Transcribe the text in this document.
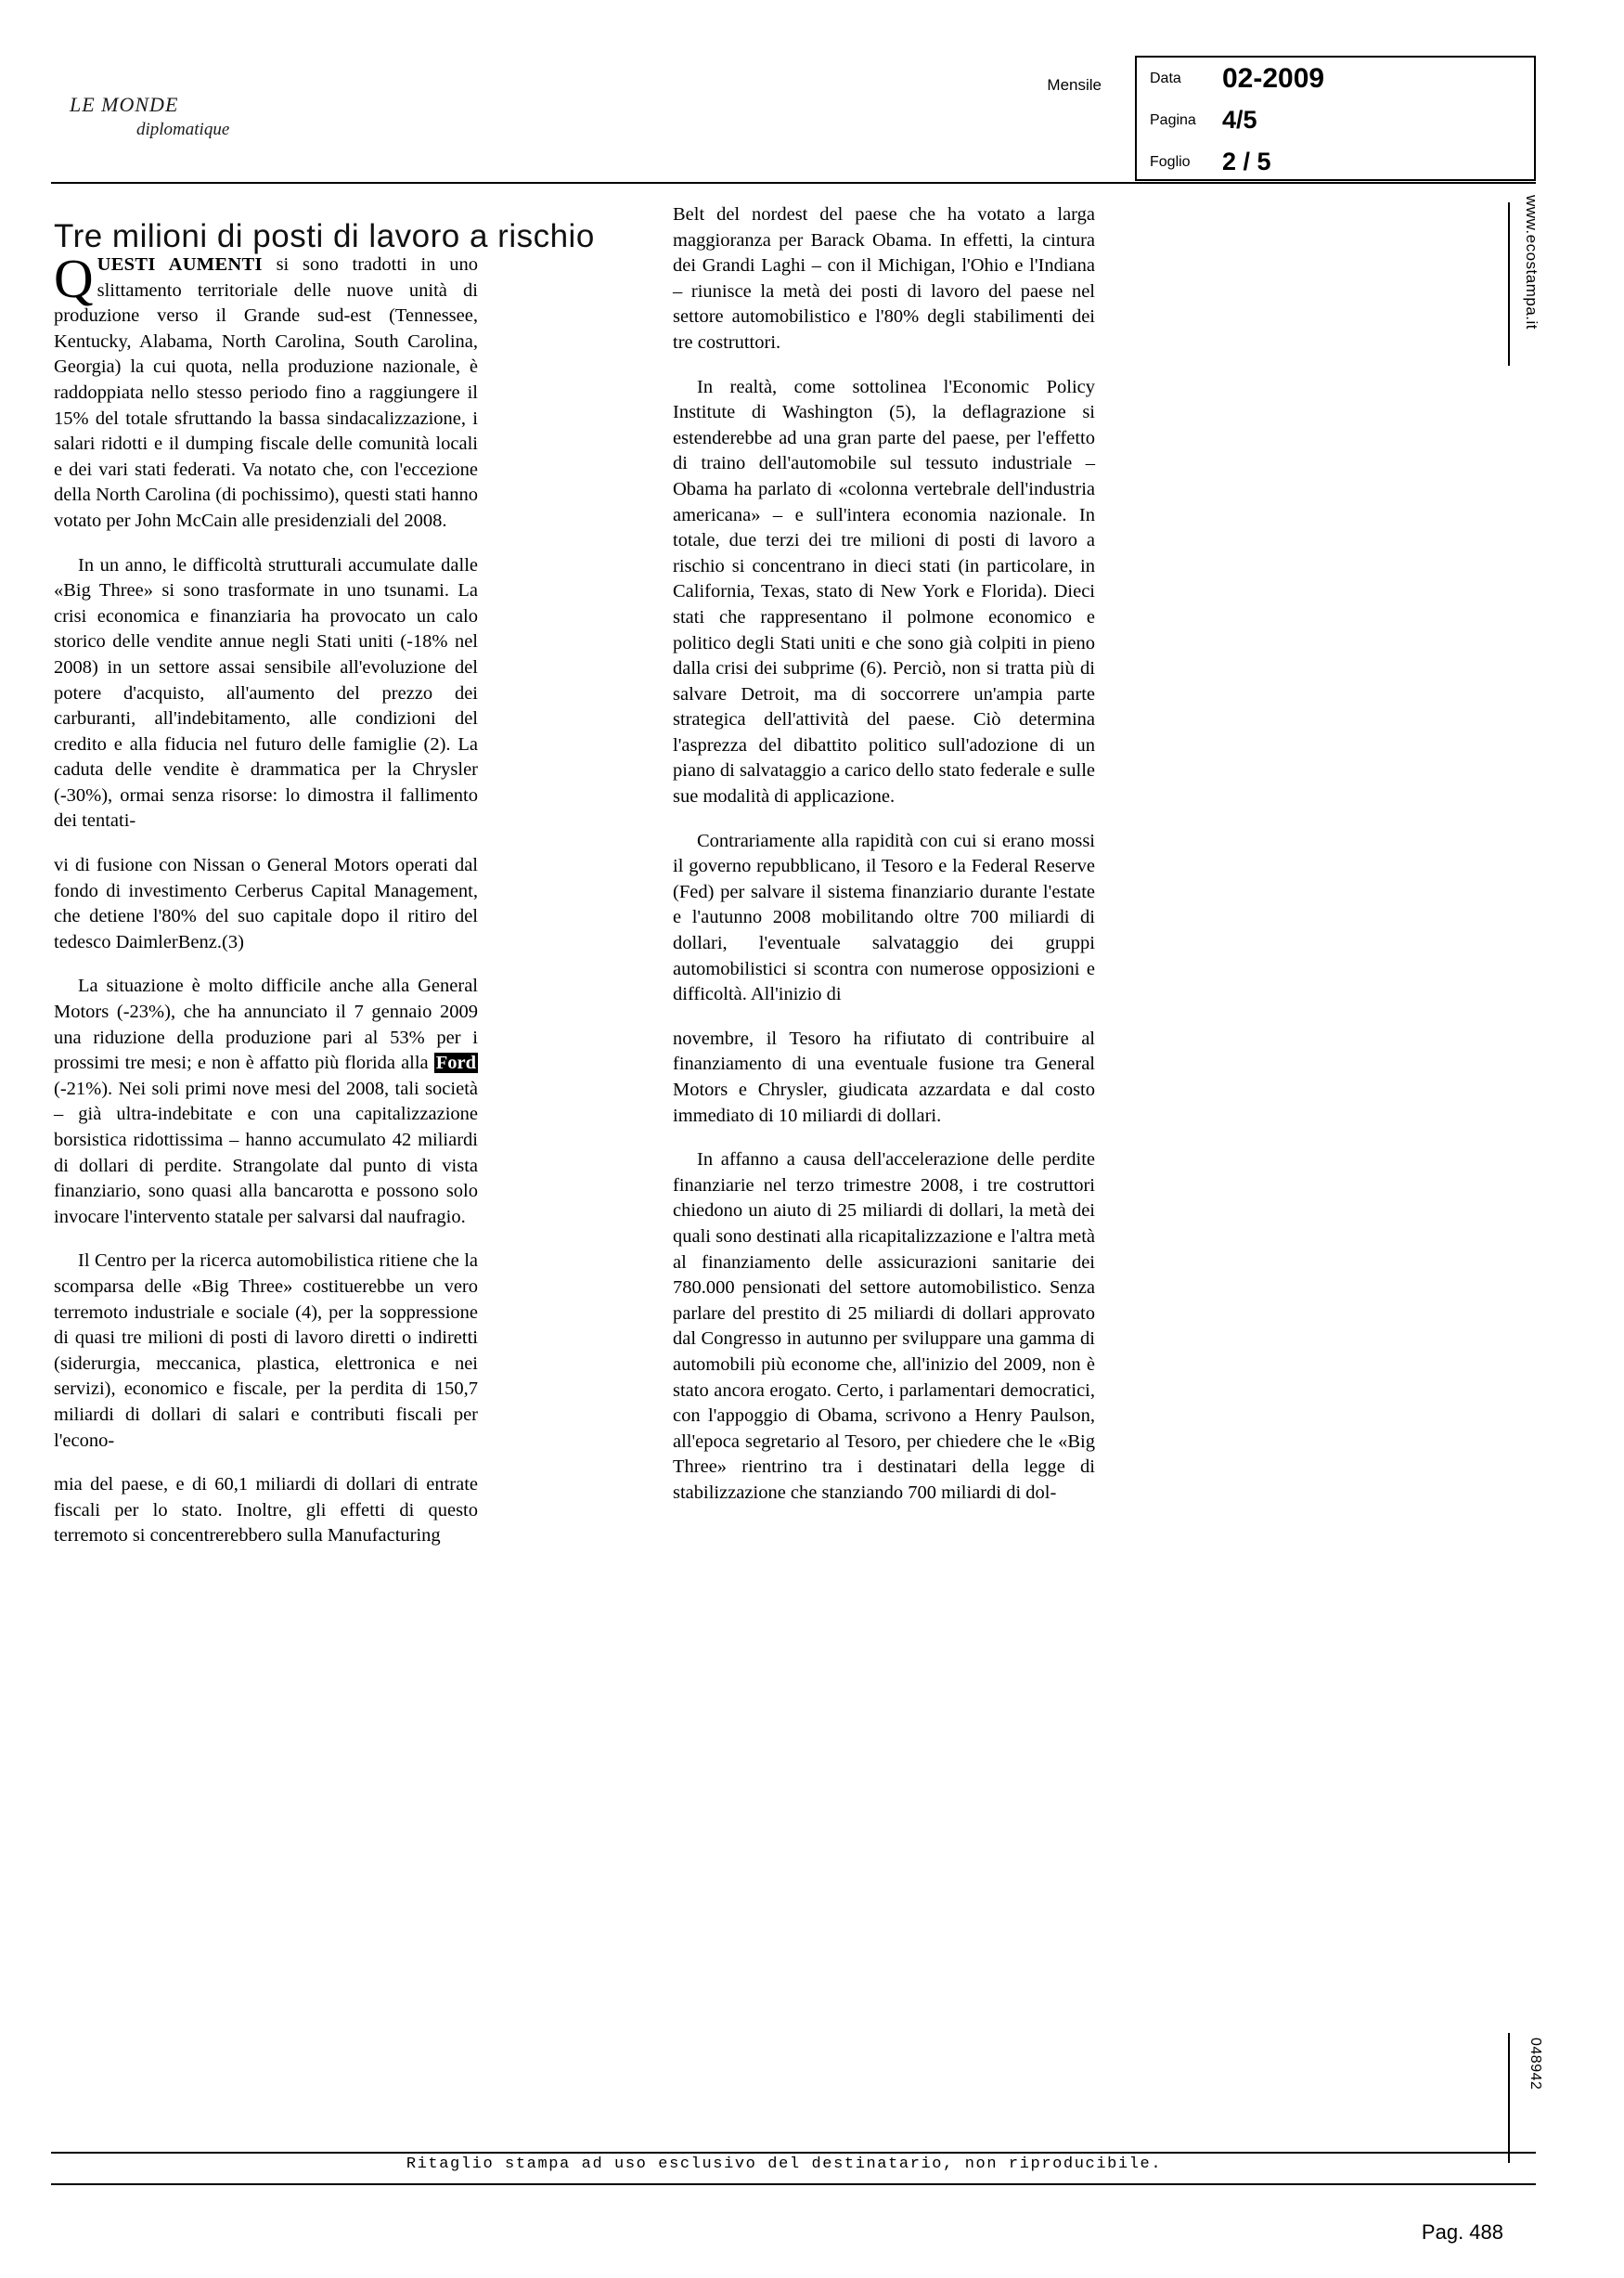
LE MONDE
diplomatique
Mensile	Data	02-2009
Pagina	4/5
Foglio	2 / 5
www.ecostampa.it
048942
Tre milioni di posti di lavoro a rischio

QUESTI AUMENTI si sono tradotti in uno slittamento territoriale delle nuove unità di produzione verso il Grande sud-est (Tennessee, Kentucky, Alabama, North Carolina, South Carolina, Georgia) la cui quota, nella produzione nazionale, è raddoppiata nello stesso periodo fino a raggiungere il 15% del totale sfruttando la bassa sindacalizzazione, i salari ridotti e il dumping fiscale delle comunità locali e dei vari stati federati. Va notato che, con l'eccezione della North Carolina (di pochissimo), questi stati hanno votato per John McCain alle presidenziali del 2008.

In un anno, le difficoltà strutturali accumulate dalle «Big Three» si sono trasformate in uno tsunami. La crisi economica e finanziaria ha provocato un calo storico delle vendite annue negli Stati uniti (-18% nel 2008) in un settore assai sensibile all'evoluzione del potere d'acquisto, all'aumento del prezzo dei carburanti, all'indebitamento, alle condizioni del credito e alla fiducia nel futuro delle famiglie (2). La caduta delle vendite è drammatica per la Chrysler (-30%), ormai senza risorse: lo dimostra il fallimento dei tentati-

vi di fusione con Nissan o General Motors operati dal fondo di investimento Cerberus Capital Management, che detiene l'80% del suo capitale dopo il ritiro del tedesco DaimlerBenz.(3)

La situazione è molto difficile anche alla General Motors (-23%), che ha annunciato il 7 gennaio 2009 una riduzione della produzione pari al 53% per i prossimi tre mesi; e non è affatto più florida alla Ford (-21%). Nei soli primi nove mesi del 2008, tali società – già ultra-indebitate e con una capitalizzazione borsistica ridottissima – hanno accumulato 42 miliardi di dollari di perdite. Strangolate dal punto di vista finanziario, sono quasi alla bancarotta e possono solo invocare l'intervento statale per salvarsi dal naufragio.

Il Centro per la ricerca automobilistica ritiene che la scomparsa delle «Big Three» costituerebbe un vero terremoto industriale e sociale (4), per la soppressione di quasi tre milioni di posti di lavoro diretti o indiretti (siderurgia, meccanica, plastica, elettronica e nei servizi), economico e fiscale, per la perdita di 150,7 miliardi di dollari di salari e contributi fiscali per l'econo-

mia del paese, e di 60,1 miliardi di dollari di entrate fiscali per lo stato. Inoltre, gli effetti di questo terremoto si concentrerebbero sulla Manufacturing

Belt del nordest del paese che ha votato a larga maggioranza per Barack Obama. In effetti, la cintura dei Grandi Laghi – con il Michigan, l'Ohio e l'Indiana – riunisce la metà dei posti di lavoro del paese nel settore automobilistico e l'80% degli stabilimenti dei tre costruttori.

In realtà, come sottolinea l'Economic Policy Institute di Washington (5), la deflagrazione si estenderebbe ad una gran parte del paese, per l'effetto di traino dell'automobile sul tessuto industriale – Obama ha parlato di «colonna vertebrale dell'industria americana» – e sull'intera economia nazionale. In totale, due terzi dei tre milioni di posti di lavoro a rischio si concentrano in dieci stati (in particolare, in California, Texas, stato di New York e Florida). Dieci stati che rappresentano il polmone economico e politico degli Stati uniti e che sono già colpiti in pieno dalla crisi dei subprime (6). Perciò, non si tratta più di salvare Detroit, ma di soccorrere un'ampia parte strategica dell'attività del paese. Ciò determina l'asprezza del dibattito politico sull'adozione di un piano di salvataggio a carico dello stato federale e sulle sue modalità di applicazione.

Contrariamente alla rapidità con cui si erano mossi il governo repubblicano, il Tesoro e la Federal Reserve (Fed) per salvare il sistema finanziario durante l'estate e l'autunno 2008 mobilitando oltre 700 miliardi di dollari, l'eventuale salvataggio dei gruppi automobilistici si scontra con numerose opposizioni e difficoltà. All'inizio di

novembre, il Tesoro ha rifiutato di contribuire al finanziamento di una eventuale fusione tra General Motors e Chrysler, giudicata azzardata e dal costo immediato di 10 miliardi di dollari.

In affanno a causa dell'accelerazione delle perdite finanziarie nel terzo trimestre 2008, i tre costruttori chiedono un aiuto di 25 miliardi di dollari, la metà dei quali sono destinati alla ricapitalizzazione e l'altra metà al finanziamento delle assicurazioni sanitarie dei 780.000 pensionati del settore automobilistico. Senza parlare del prestito di 25 miliardi di dollari approvato dal Congresso in autunno per sviluppare una gamma di automobili più econome che, all'inizio del 2009, non è stato ancora erogato. Certo, i parlamentari democratici, con l'appoggio di Obama, scrivono a Henry Paulson, all'epoca segretario al Tesoro, per chiedere che le «Big Three» rientrino tra i destinatari della legge di stabilizzazione che stanziando 700 miliardi di dol-

Ritaglio stampa ad uso esclusivo del destinatario, non riproducibile.
Pag. 488
